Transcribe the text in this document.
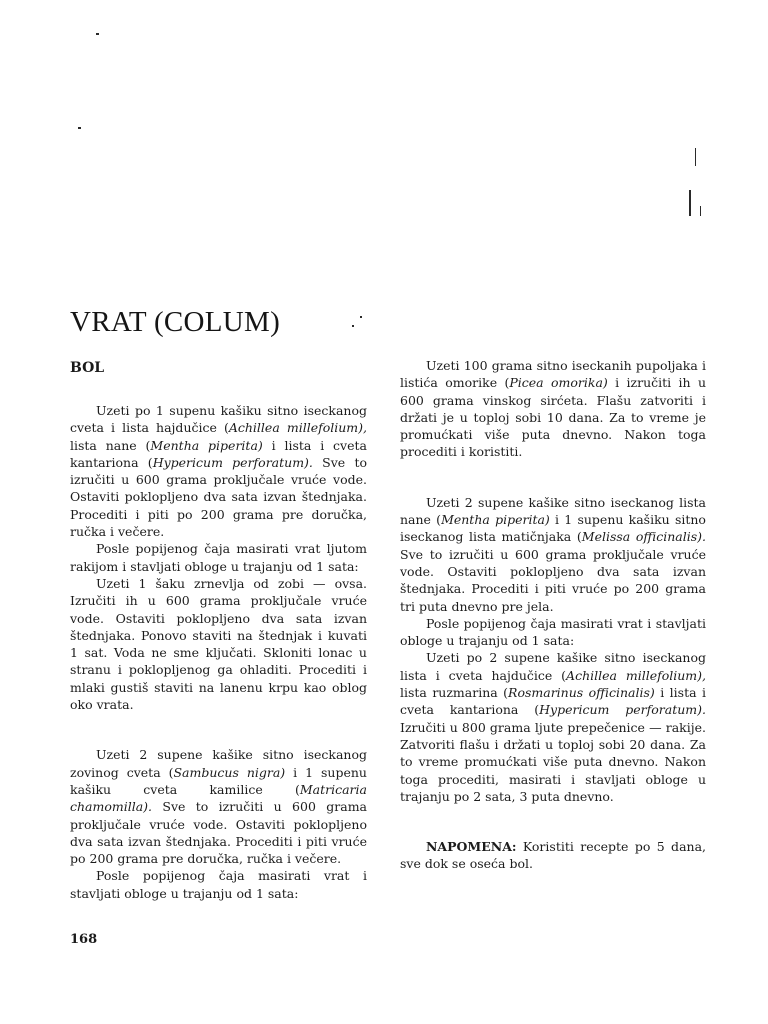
VRAT (COLUM)
BOL

Uzeti po 1 supenu kašiku sitno iseckanog cveta i lista hajdučice (Achillea millefolium), lista nane (Mentha piperita) i lista i cveta kantariona (Hypericum perforatum). Sve to izručiti u 600 grama proključale vruće vode. Ostaviti poklopljeno dva sata izvan štednjaka. Procediti i piti po 200 grama pre doručka, ručka i večere.

Posle popijenog čaja masirati vrat ljutom rakijom i stavljati obloge u trajanju od 1 sata:

Uzeti 1 šaku zrnevlja od zobi — ovsa. Izručiti ih u 600 grama proključale vruće vode. Ostaviti poklopljeno dva sata izvan štednjaka. Ponovo staviti na štednjak i kuvati 1 sat. Voda ne sme ključati. Skloniti lonac u stranu i poklopljenog ga ohladiti. Procediti i mlaki gustiš staviti na lanenu krpu kao oblog oko vrata.

Uzeti 2 supene kašike sitno iseckanog zovinog cveta (Sambucus nigra) i 1 supenu kašiku cveta kamilice (Matricaria chamomilla). Sve to izručiti u 600 grama proključale vruće vode. Ostaviti poklopljeno dva sata izvan štednjaka. Procediti i piti vruće po 200 grama pre doručka, ručka i večere.

Posle popijenog čaja masirati vrat i stavljati obloge u trajanju od 1 sata:

Uzeti 100 grama sitno iseckanih pupoljaka i listića omorike (Picea omorika) i izručiti ih u 600 grama vinskog sirćeta. Flašu zatvoriti i držati je u toploj sobi 10 dana. Za to vreme je promućkati više puta dnevno. Nakon toga procediti i koristiti.

Uzeti 2 supene kašike sitno iseckanog lista nane (Mentha piperita) i 1 supenu kašiku sitno iseckanog lista matičnjaka (Melissa officinalis). Sve to izručiti u 600 grama proključale vruće vode. Ostaviti poklopljeno dva sata izvan štednjaka. Procediti i piti vruće po 200 grama tri puta dnevno pre jela.

Posle popijenog čaja masirati vrat i stavljati obloge u trajanju od 1 sata:

Uzeti po 2 supene kašike sitno iseckanog lista i cveta hajdučice (Achillea millefolium), lista ruzmarina (Rosmarinus officinalis) i lista i cveta kantariona (Hypericum perforatum). Izručiti u 800 grama ljute prepečenice — rakije. Zatvoriti flašu i držati u toploj sobi 20 dana. Za to vreme promućkati više puta dnevno. Nakon toga procediti, masirati i stavljati obloge u trajanju po 2 sata, 3 puta dnevno.

NAPOMENA: Koristiti recepte po 5 dana, sve dok se oseća bol.

168
